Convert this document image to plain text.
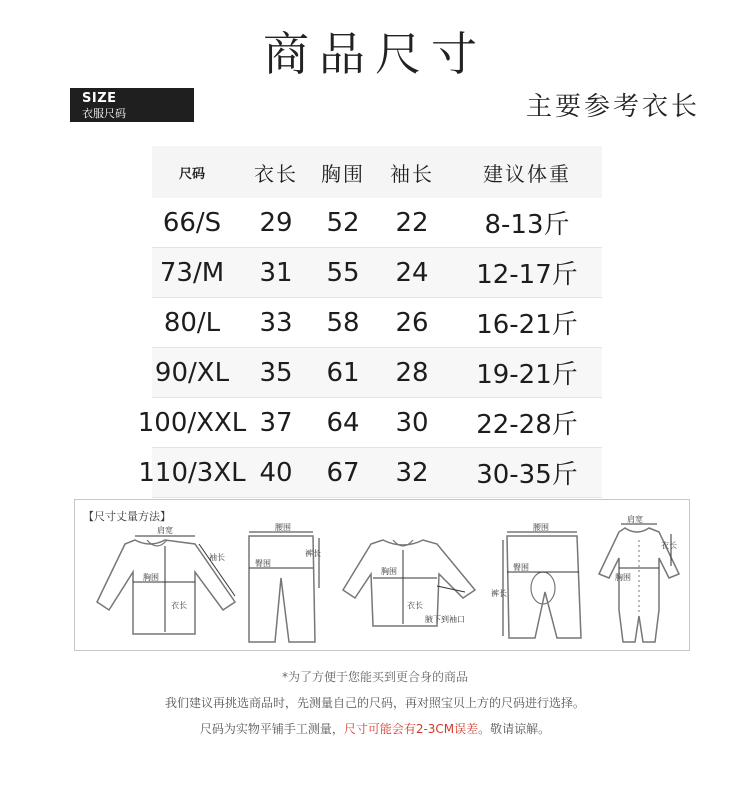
商品尺寸
SIZE
衣服尺码	主要参考衣长
尺码	衣长	胸围	袖长	建议体重
66/S	29	52	22	8-13斤
73/M	31	55	24	12-17斤
80/L	33	58	26	16-21斤
90/XL	35	61	28	19-21斤
100/XXL 37	64	30	22-28斤
110/3XL 40	67	32	30-35斤
【尺寸丈量方法】
肩宽
袖长
胸围
衣长
腰围
臀围
裤长
胸围
衣长
腋下到袖口
腰围
臀围
裤长
肩宽
胸围
衣长
*为了方便于您能买到更合身的商品
我们建议再挑选商品时，先测量自己的尺码，再对照宝贝上方的尺码进行选择。
尺码为实物平铺手工测量，尺寸可能会有2-3CM误差。敬请谅解。
